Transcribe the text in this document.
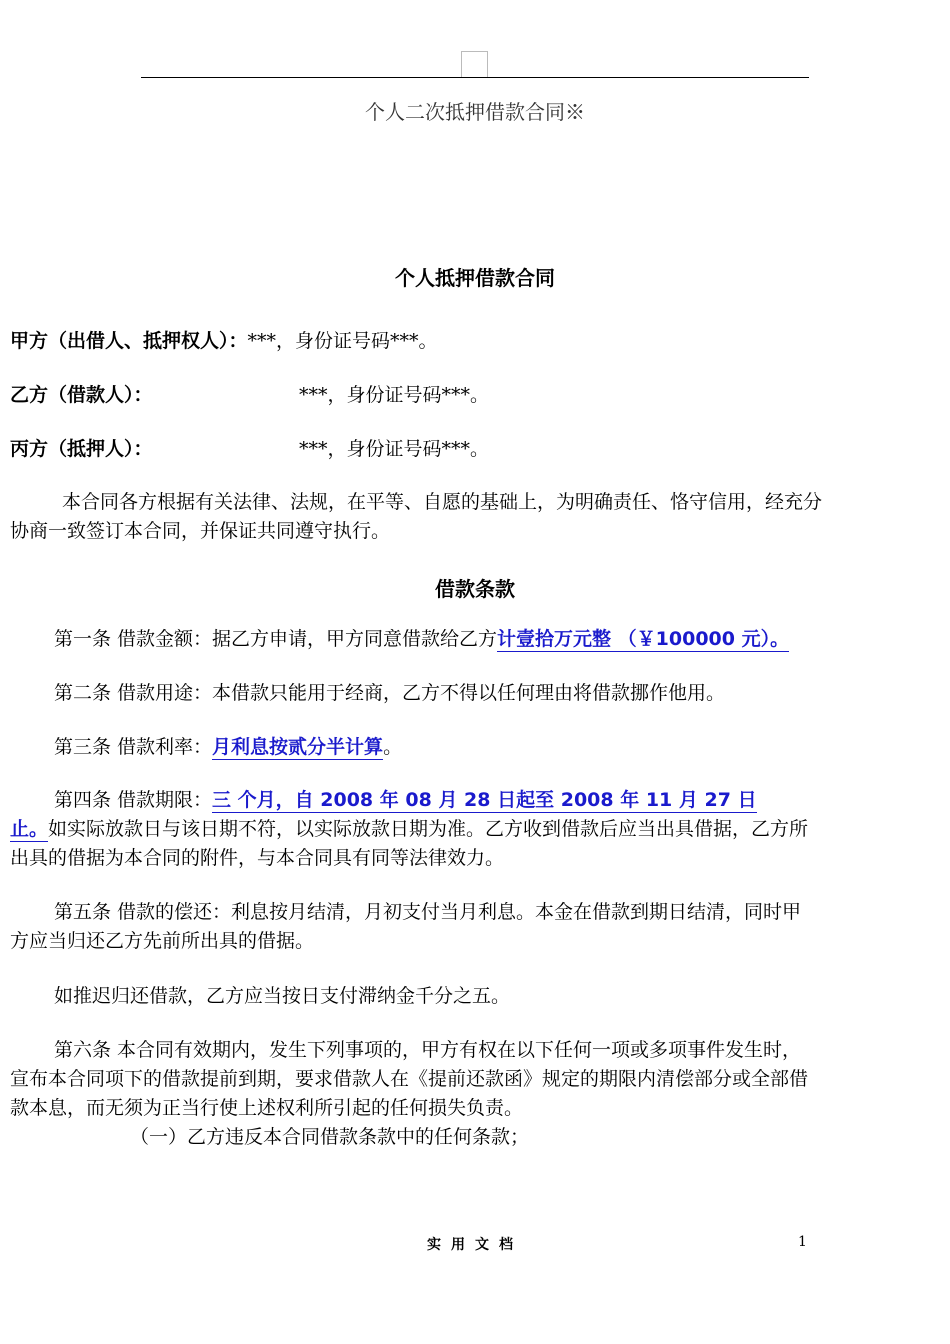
个人二次抵押借款合同※
个人抵押借款合同
甲方（出借人、抵押权人）：***，身份证号码***。
乙方（借款人）：	***，身份证号码***。
丙方（抵押人）：	***，身份证号码***。
本合同各方根据有关法律、法规，在平等、自愿的基础上，为明确责任、恪守信用，经充分
协商一致签订本合同，并保证共同遵守执行。
借款条款
第一条 借款金额：据乙方申请，甲方同意借款给乙方计壹拾万元整 （￥100000 元）。
第二条 借款用途：本借款只能用于经商，乙方不得以任何理由将借款挪作他用。
第三条 借款利率：月利息按贰分半计算。
第四条 借款期限：三 个月，自 2008 年 08 月 28 日起至 2008 年 11 月 27 日
止。如实际放款日与该日期不符，以实际放款日期为准。乙方收到借款后应当出具借据，乙方所
出具的借据为本合同的附件，与本合同具有同等法律效力。
第五条 借款的偿还：利息按月结清，月初支付当月利息。本金在借款到期日结清，同时甲
方应当归还乙方先前所出具的借据。
如推迟归还借款，乙方应当按日支付滞纳金千分之五。
第六条 本合同有效期内，发生下列事项的，甲方有权在以下任何一项或多项事件发生时，
宣布本合同项下的借款提前到期，要求借款人在《提前还款函》规定的期限内清偿部分或全部借
款本息，而无须为正当行使上述权利所引起的任何损失负责。
（一）乙方违反本合同借款条款中的任何条款；
实用文档	1
